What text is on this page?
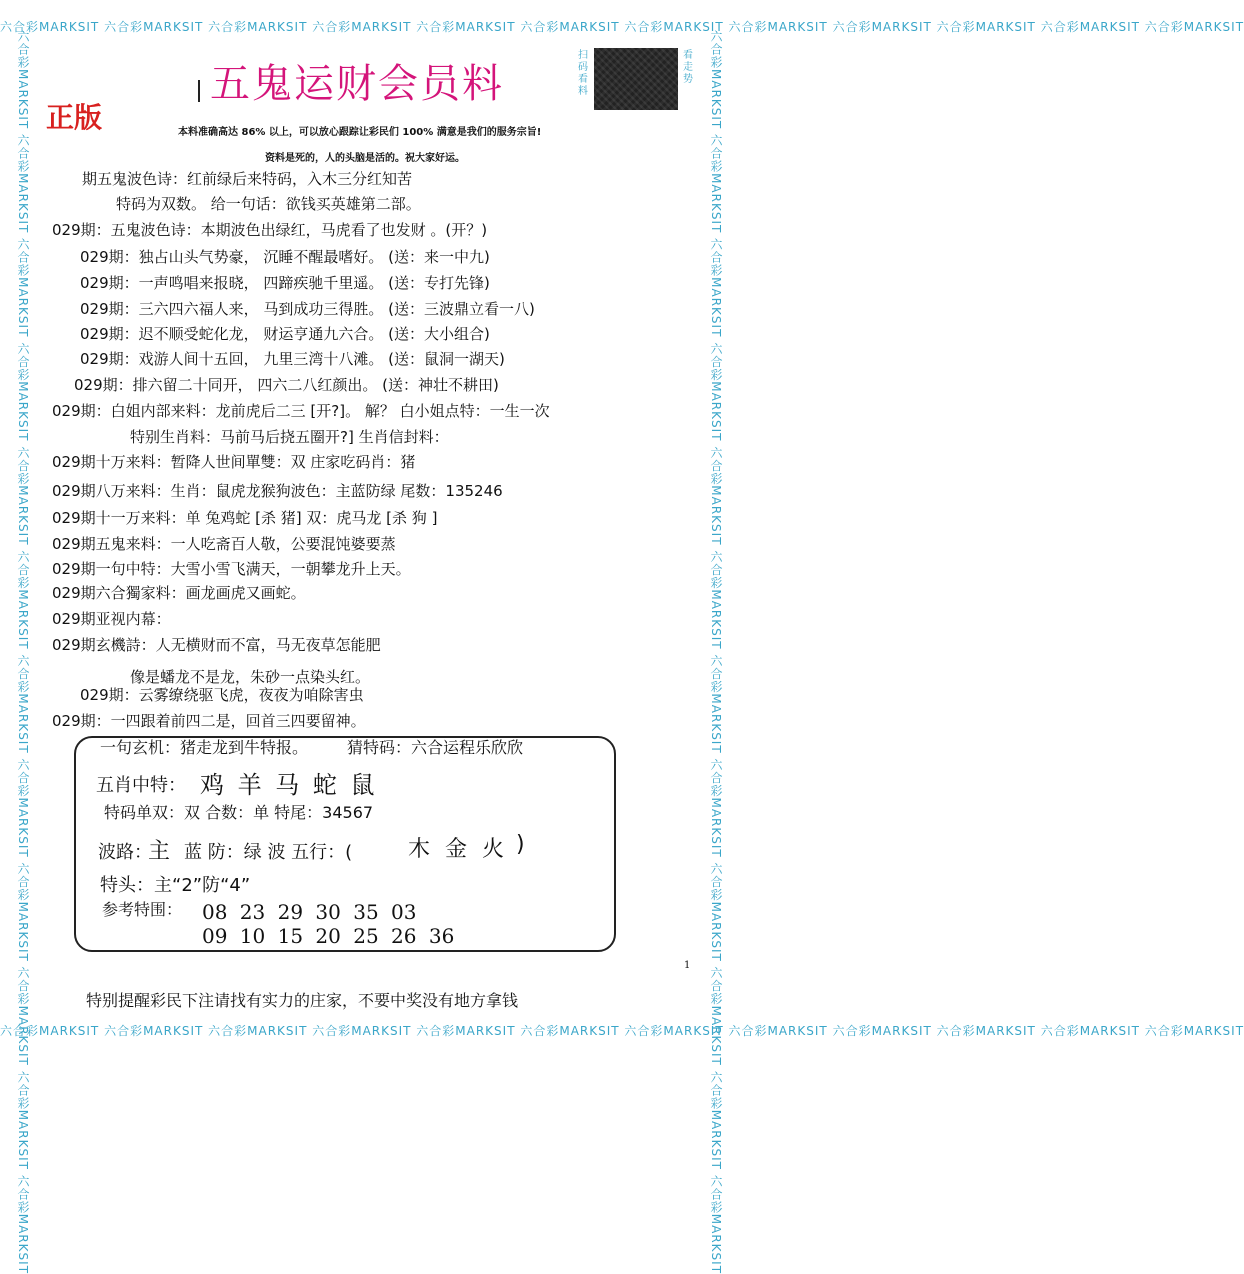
六合彩MARKSIT 六合彩MARKSIT 六合彩MARKSIT 六合彩MARKSIT 六合彩MARKSIT 六合彩MARKSIT 六合彩MARKSIT 六合彩MARKSIT 六合彩MARKSIT 六合彩MARKSIT 六合彩MARKSIT 六合彩MARKSIT
六合彩MARKSIT 六合彩MARKSIT 六合彩MARKSIT 六合彩MARKSIT 六合彩MARKSIT 六合彩MARKSIT 六合彩MARKSIT 六合彩MARKSIT 六合彩MARKSIT 六合彩MARKSIT 六合彩MARKSIT 六合彩MARKSIT
六合彩MARKSIT 六合彩MARKSIT 六合彩MARKSIT 六合彩MARKSIT 六合彩MARKSIT 六合彩MARKSIT 六合彩MARKSIT 六合彩MARKSIT 六合彩MARKSIT 六合彩MARKSIT 六合彩MARKSIT 六合彩MARKSIT	六合彩MARKSIT 六合彩MARKSIT 六合彩MARKSIT 六合彩MARKSIT 六合彩MARKSIT 六合彩MARKSIT 六合彩MARKSIT 六合彩MARKSIT 六合彩MARKSIT 六合彩MARKSIT 六合彩MARKSIT 六合彩MARKSIT
五鬼运财会员料
正版
扫码看料
看走势
本料准确高达 86% 以上，可以放心跟踪让彩民们 100% 满意是我们的服务宗旨!
资料是死的，人的头脑是活的。祝大家好运。
期五鬼波色诗：红前绿后来特码，入木三分红知苦
特码为双数。 给一句话：欲钱买英雄第二部。
029期：五鬼波色诗：本期波色出绿红，马虎看了也发财 。(开？)
029期：独占山头气势豪， 沉睡不醒最嗜好。 (送：来一中九)
029期：一声鸣唱来报晓， 四蹄疾驰千里遥。 (送：专打先锋)
029期：三六四六福人来， 马到成功三得胜。 (送：三波鼎立看一八)
029期：迟不顺受蛇化龙， 财运亨通九六合。 (送：大小组合)
029期：戏游人间十五回， 九里三湾十八滩。 (送：鼠洞一湖天)
029期：排六留二十同开， 四六二八红颜出。 (送：神壮不耕田)
029期：白姐内部来料：龙前虎后二三 [开?]。 解？ 白小姐点特：一生一次
特别生肖料：马前马后挠五圈开?] 生肖信封料：
029期十万来料：暂降人世间單雙：双 庄家吃码肖：猪
029期八万来料：生肖：鼠虎龙猴狗波色：主蓝防绿 尾数：135246
029期十一万来料：单 兔鸡蛇 [杀 猪] 双：虎马龙 [杀 狗 ]
029期五鬼来料：一人吃斋百人敬，公要混饨婆要蒸
029期一句中特：大雪小雪飞满天，一朝攀龙升上天。
029期六合獨家料：画龙画虎又画蛇。
029期亚视内幕：
029期玄機詩：人无横财而不富，马无夜草怎能肥
像是蟠龙不是龙，朱砂一点染头红。
029期：云雾缭绕驱飞虎，夜夜为咱除害虫
029期：一四跟着前四二是，回首三四要留神。
一句玄机：猪走龙到牛特报。 猜特码：六合运程乐欣欣
五肖中特： 鸡 羊 马 蛇 鼠
特码单双：双 合数：单 特尾：34567
波路：
主 蓝 防：绿 波 五行：(	木 金 火 )
特头：主“2”防“4”
参考特围： 08 23 29 30 35 03
09 10 15 20 25 26 36
1
特别提醒彩民下注请找有实力的庄家，不要中奖没有地方拿钱
